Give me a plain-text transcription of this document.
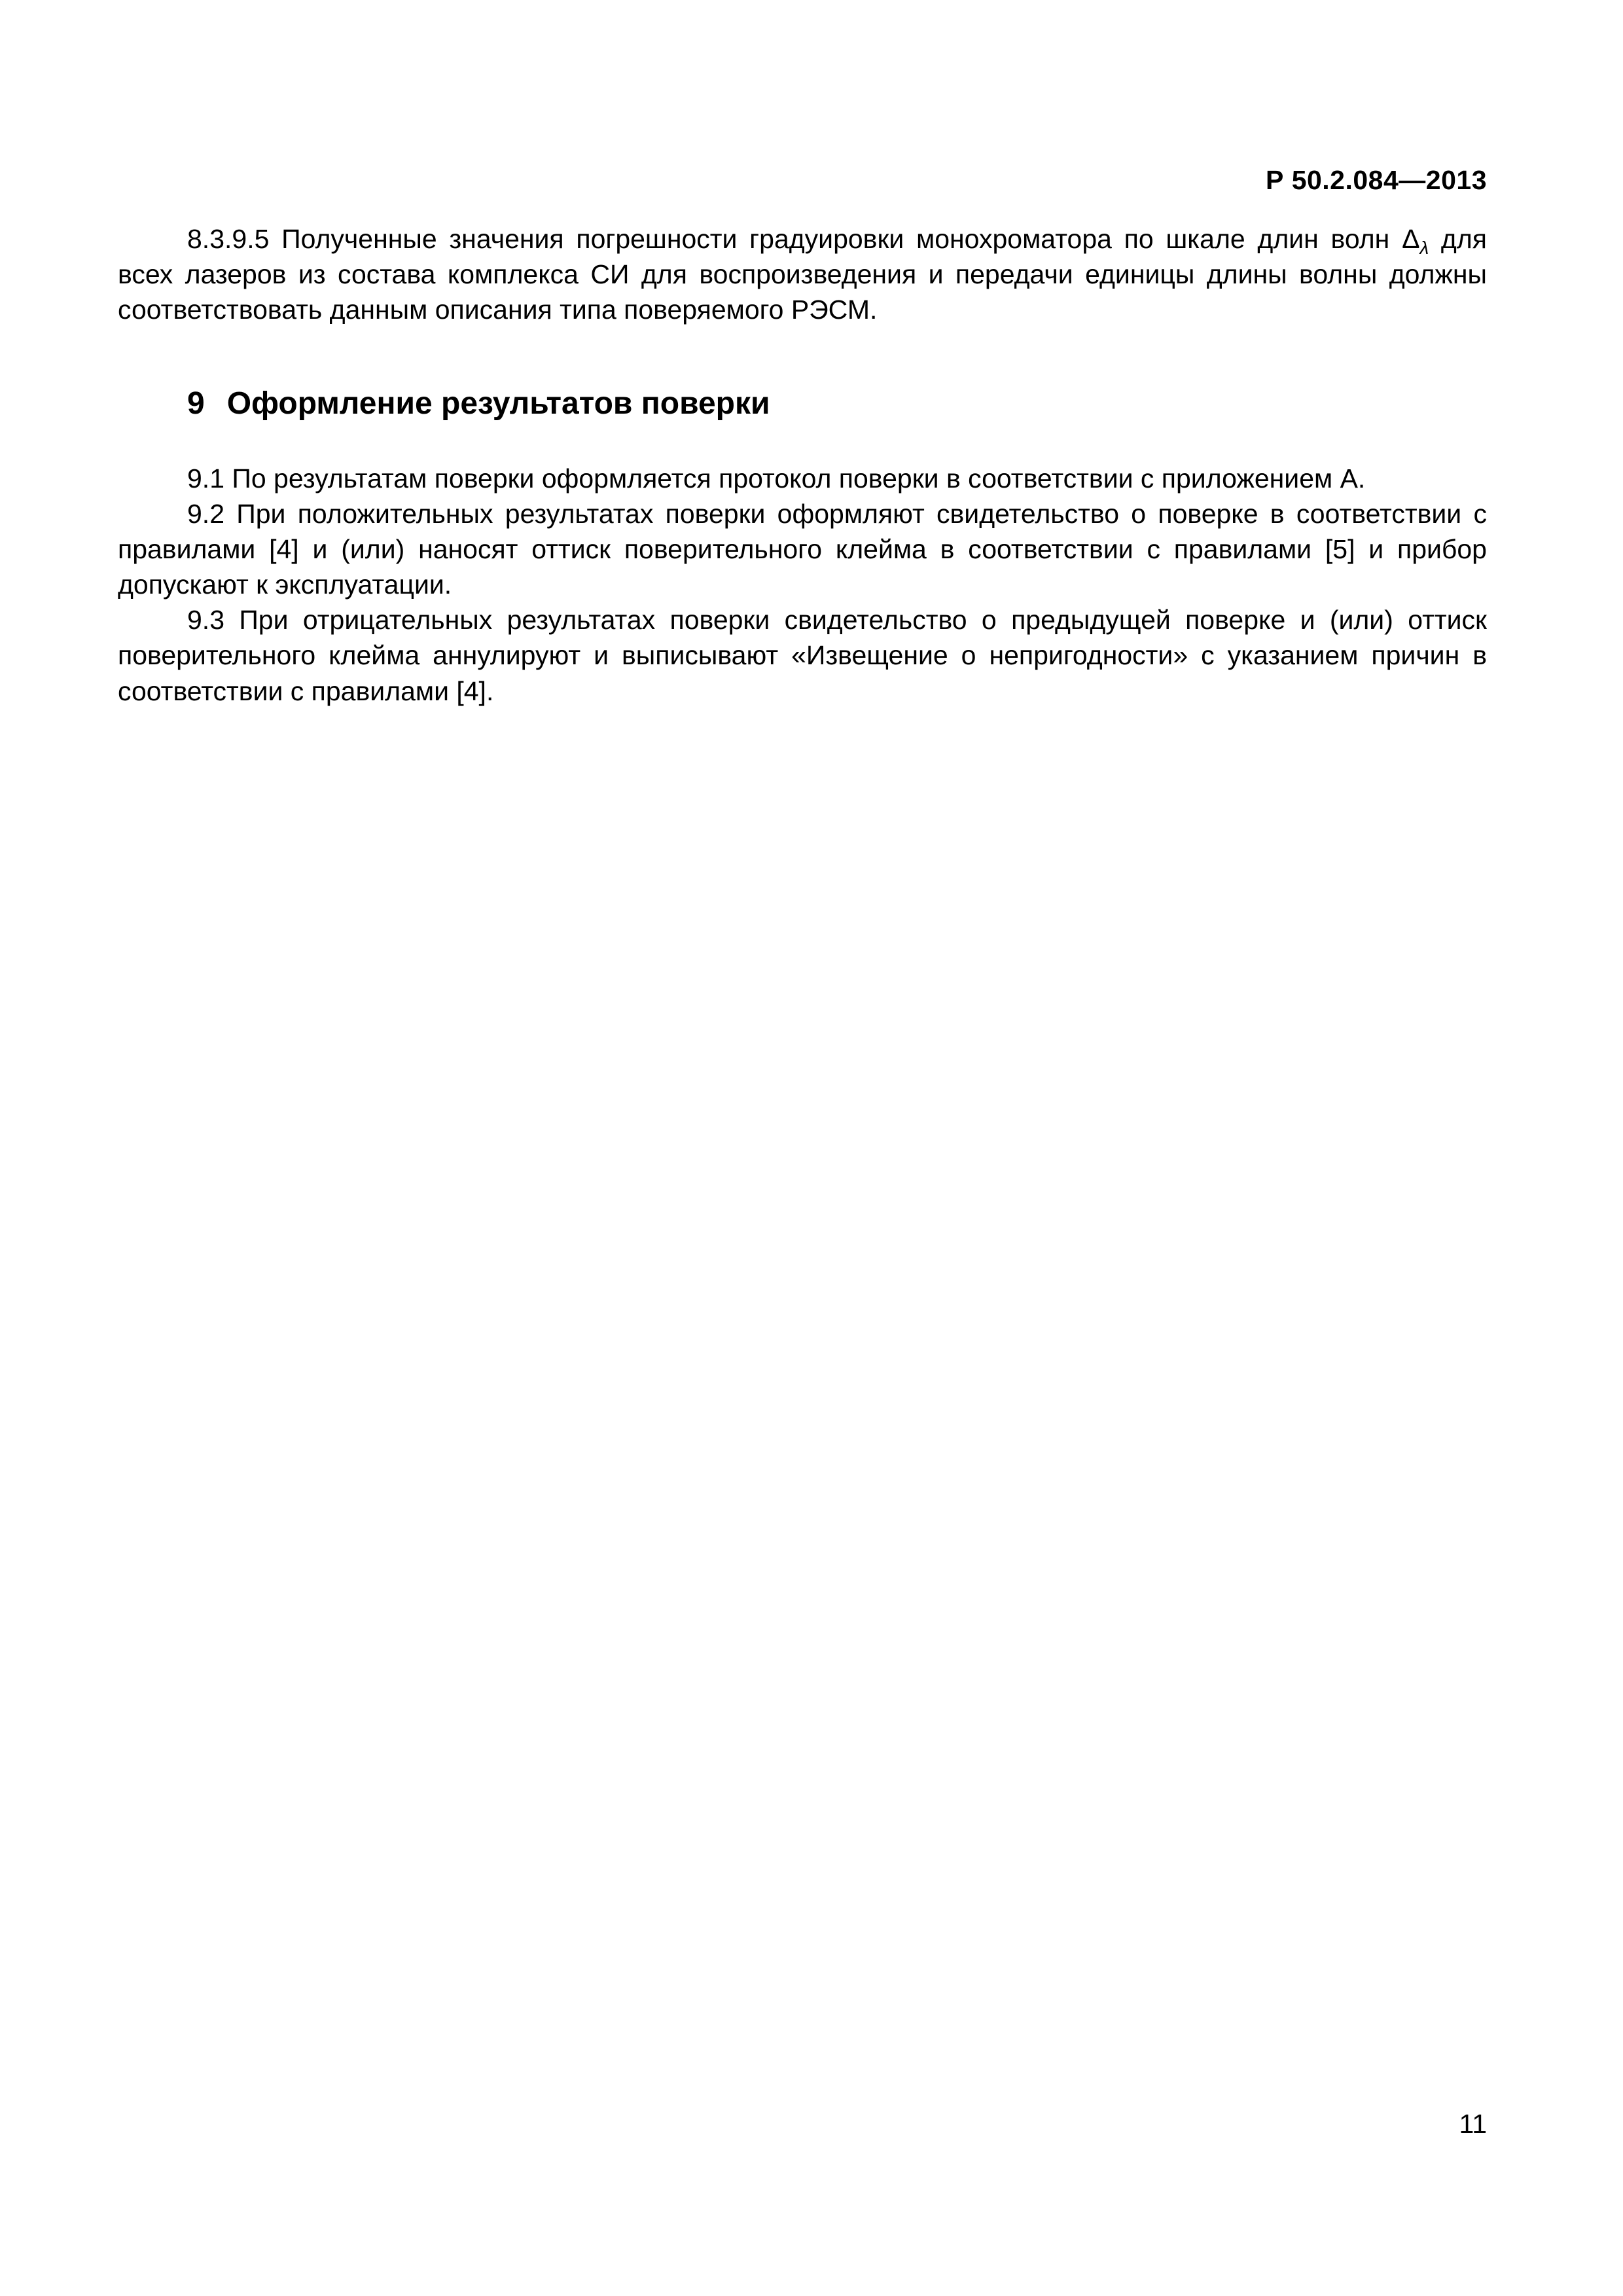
Р 50.2.084—2013

8.3.9.5 Полученные значения погрешности градуировки монохроматора по шкале длин волн $\Delta_\lambda$ для всех лазеров из состава комплекса СИ для воспроизведения и передачи единицы длины волны должны соответствовать данным описания типа поверяемого РЭСМ.

9 Оформление результатов поверки

9.1 По результатам поверки оформляется протокол поверки в соответствии с приложением А.

9.2 При положительных результатах поверки оформляют свидетельство о поверке в соответствии с правилами [4] и (или) наносят оттиск поверительного клейма в соответствии с правилами [5] и прибор допускают к эксплуатации.

9.3 При отрицательных результатах поверки свидетельство о предыдущей поверке и (или) оттиск поверительного клейма аннулируют и выписывают «Извещение о непригодности» с указанием причин в соответствии с правилами [4].

11
